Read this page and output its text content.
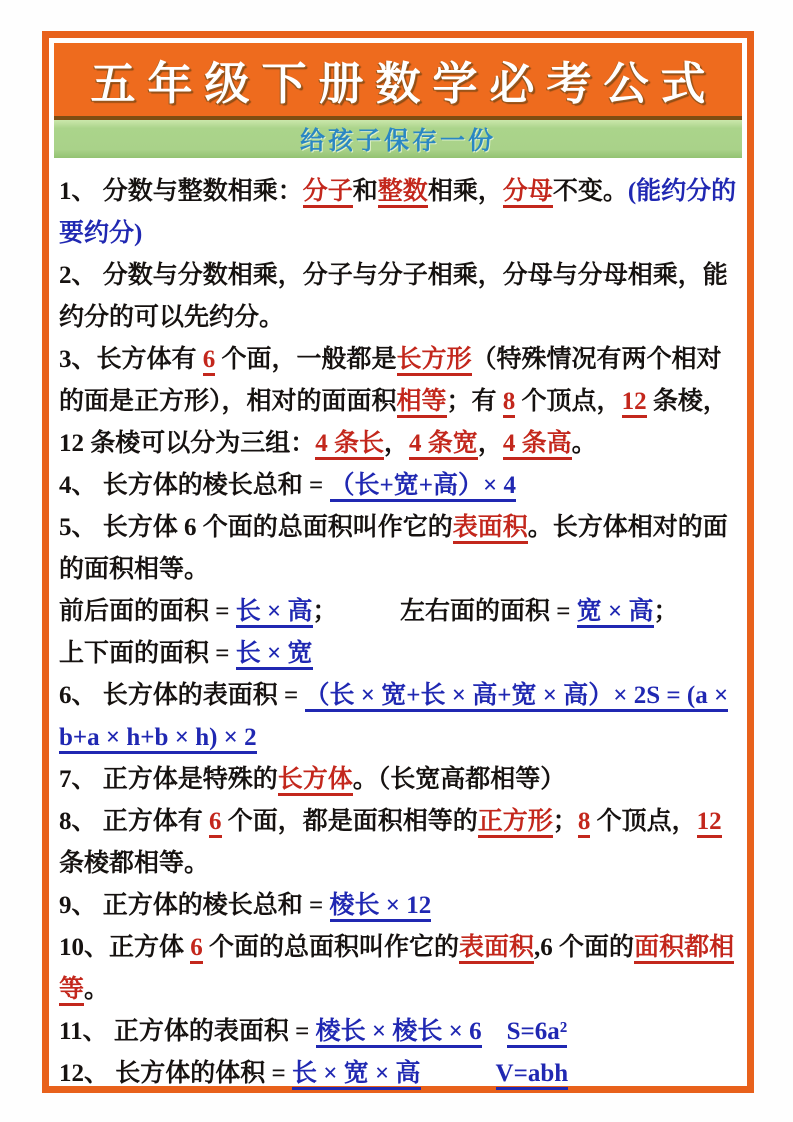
五年级下册数学必考公式
给孩子保存一份

1、 分数与整数相乘：分子和整数相乘，分母不变。(能约分的要约分)

2、 分数与分数相乘，分子与分子相乘，分母与分母相乘，能约分的可以先约分。

3、长方体有 6 个面，一般都是长方形（特殊情况有两个相对的面是正方形），相对的面面积相等；有 8 个顶点，12 条棱，12 条棱可以分为三组：4 条长，4 条宽，4 条高。

4、 长方体的棱长总和 = （长+宽+高）× 4

5、 长方体 6 个面的总面积叫作它的表面积。长方体相对的面的面积相等。

前后面的面积 = 长 × 高；　　　左右面的面积 = 宽 × 高；

上下面的面积 = 长 × 宽

6、 长方体的表面积 = （长 × 宽+长 × 高+宽 × 高）× 2S = (a × b+a × h+b × h) × 2

7、 正方体是特殊的长方体。（长宽高都相等）

8、 正方体有 6 个面，都是面积相等的正方形；8 个顶点，12 条棱都相等。

9、 正方体的棱长总和 = 棱长 × 12

10、正方体 6 个面的总面积叫作它的表面积,6 个面的面积都相等。

11、 正方体的表面积 = 棱长 × 棱长 × 6　 S=6a²

12、 长方体的体积 = 长 × 宽 × 高　　　	V=abh
